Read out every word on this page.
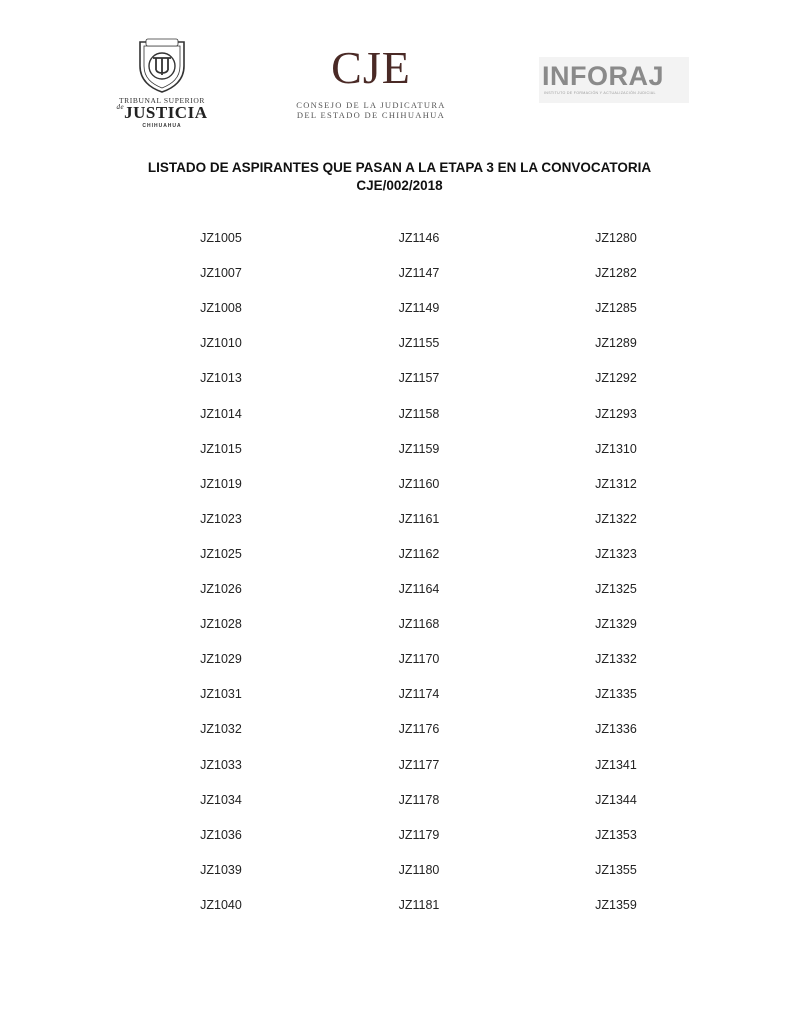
TRIBUNAL SUPERIOR
$^{de}$JUSTICIA
CHIHUAHUA
CJE
CONSEJO DE LA JUDICATURA
DEL ESTADO DE CHIHUAHUA
INFORAJ
INSTITUTO DE FORMACIÓN Y ACTUALIZACIÓN JUDICIAL
LISTADO DE ASPIRANTES QUE PASAN A LA ETAPA 3 EN LA CONVOCATORIA
CJE/002/2018
JZ1005	JZ1146	JZ1280
JZ1007	JZ1147	JZ1282
JZ1008	JZ1149	JZ1285
JZ1010	JZ1155	JZ1289
JZ1013	JZ1157	JZ1292
JZ1014	JZ1158	JZ1293
JZ1015	JZ1159	JZ1310
JZ1019	JZ1160	JZ1312
JZ1023	JZ1161	JZ1322
JZ1025	JZ1162	JZ1323
JZ1026	JZ1164	JZ1325
JZ1028	JZ1168	JZ1329
JZ1029	JZ1170	JZ1332
JZ1031	JZ1174	JZ1335
JZ1032	JZ1176	JZ1336
JZ1033	JZ1177	JZ1341
JZ1034	JZ1178	JZ1344
JZ1036	JZ1179	JZ1353
JZ1039	JZ1180	JZ1355
JZ1040	JZ1181	JZ1359
